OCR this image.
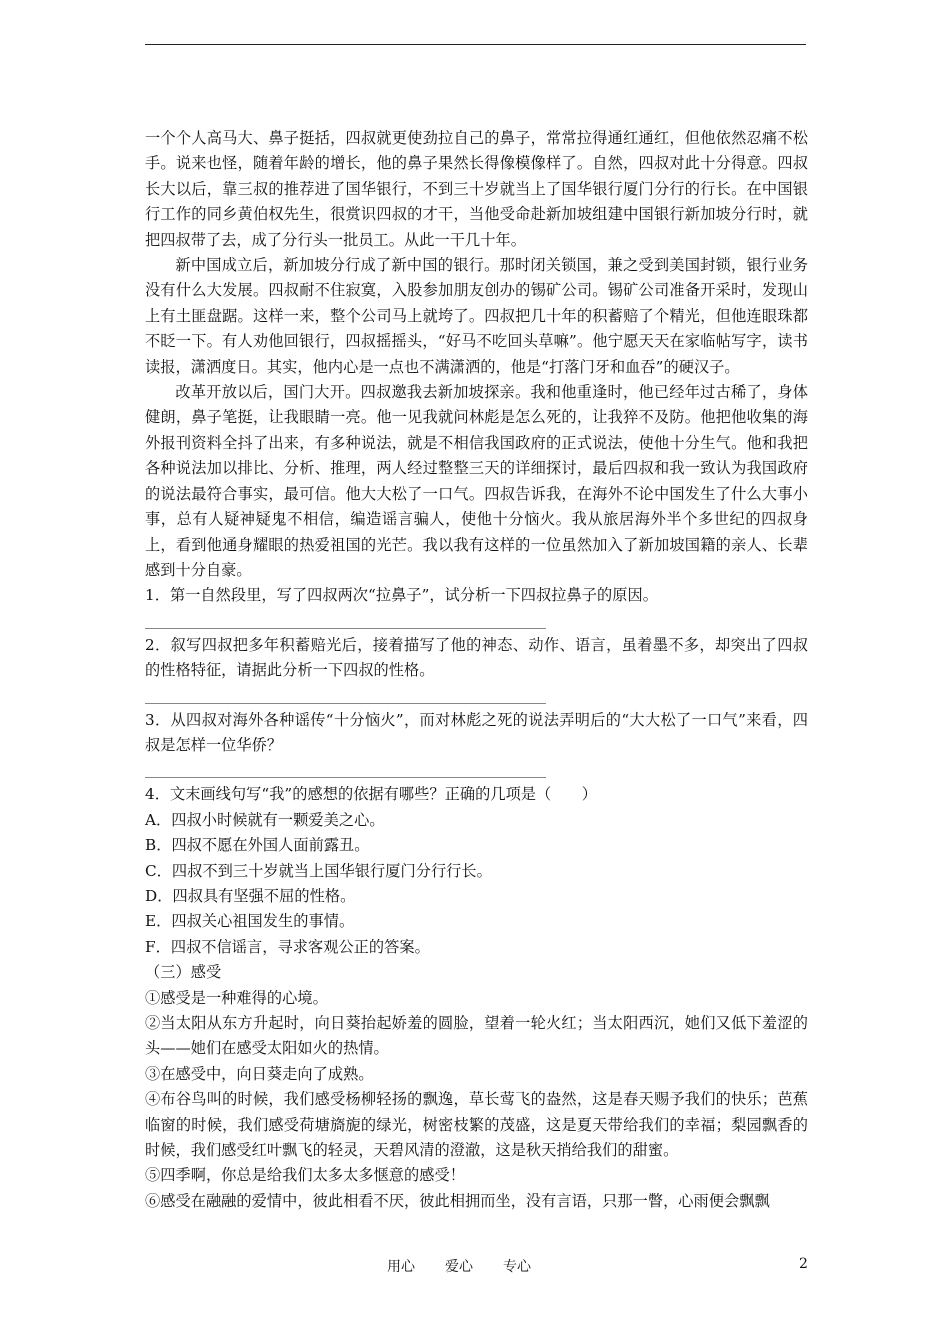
一个个人高马大、鼻子挺括，四叔就更使劲拉自己的鼻子，常常拉得通红通红，但他依然忍痛不松手。说来也怪，随着年龄的增长，他的鼻子果然长得像模像样了。自然，四叔对此十分得意。四叔长大以后，靠三叔的推荐进了国华银行，不到三十岁就当上了国华银行厦门分行的行长。在中国银行工作的同乡黄伯权先生，很赏识四叔的才干，当他受命赴新加坡组建中国银行新加坡分行时，就把四叔带了去，成了分行头一批员工。从此一干几十年。

新中国成立后，新加坡分行成了新中国的银行。那时闭关锁国，兼之受到美国封锁，银行业务没有什么大发展。四叔耐不住寂寞，入股参加朋友创办的锡矿公司。锡矿公司准备开采时，发现山上有土匪盘踞。这样一来，整个公司马上就垮了。四叔把几十年的积蓄赔了个精光，但他连眼珠都不眨一下。有人劝他回银行，四叔摇摇头，“好马不吃回头草嘛”。他宁愿天天在家临帖写字，读书读报，潇洒度日。其实，他内心是一点也不满潇洒的，他是“打落门牙和血吞”的硬汉子。

改革开放以后，国门大开。四叔邀我去新加坡探亲。我和他重逢时，他已经年过古稀了，身体健朗，鼻子笔挺，让我眼睛一亮。他一见我就问林彪是怎么死的，让我猝不及防。他把他收集的海外报刊资料全抖了出来，有多种说法，就是不相信我国政府的正式说法，使他十分生气。他和我把各种说法加以排比、分析、推理，两人经过整整三天的详细探讨，最后四叔和我一致认为我国政府的说法最符合事实，最可信。他大大松了一口气。四叔告诉我，在海外不论中国发生了什么大事小事，总有人疑神疑鬼不相信，编造谣言骗人，使他十分恼火。我从旅居海外半个多世纪的四叔身上，看到他通身耀眼的热爱祖国的光芒。我以我有这样的一位虽然加入了新加坡国籍的亲人、长辈感到十分自豪。

1．第一自然段里，写了四叔两次“拉鼻子”，试分析一下四叔拉鼻子的原因。

2．叙写四叔把多年积蓄赔光后，接着描写了他的神态、动作、语言，虽着墨不多，却突出了四叔的性格特征，请据此分析一下四叔的性格。

3．从四叔对海外各种谣传“十分恼火”，而对林彪之死的说法弄明后的“大大松了一口气”来看，四叔是怎样一位华侨？

4．文末画线句写“我”的感想的依据有哪些？正确的几项是（　　）

A．四叔小时候就有一颗爱美之心。

B．四叔不愿在外国人面前露丑。

C．四叔不到三十岁就当上国华银行厦门分行行长。

D．四叔具有坚强不屈的性格。

E．四叔关心祖国发生的事情。

F．四叔不信谣言，寻求客观公正的答案。

（三）感受

①感受是一种难得的心境。

②当太阳从东方升起时，向日葵抬起娇羞的圆脸，望着一轮火红；当太阳西沉，她们又低下羞涩的头——她们在感受太阳如火的热情。

③在感受中，向日葵走向了成熟。

④布谷鸟叫的时候，我们感受杨柳轻扬的飘逸，草长莺飞的盎然，这是春天赐予我们的快乐；芭蕉临窗的时候，我们感受荷塘旖旎的绿光，树密枝繁的茂盛，这是夏天带给我们的幸福；梨园飘香的时候，我们感受红叶飘飞的轻灵，天碧风清的澄澈，这是秋天捎给我们的甜蜜。

⑤四季啊，你总是给我们太多太多惬意的感受！

⑥感受在融融的爱情中，彼此相看不厌，彼此相拥而坐，没有言语，只那一瞥，心雨便会飘飘

用心 爱心 专心	2
